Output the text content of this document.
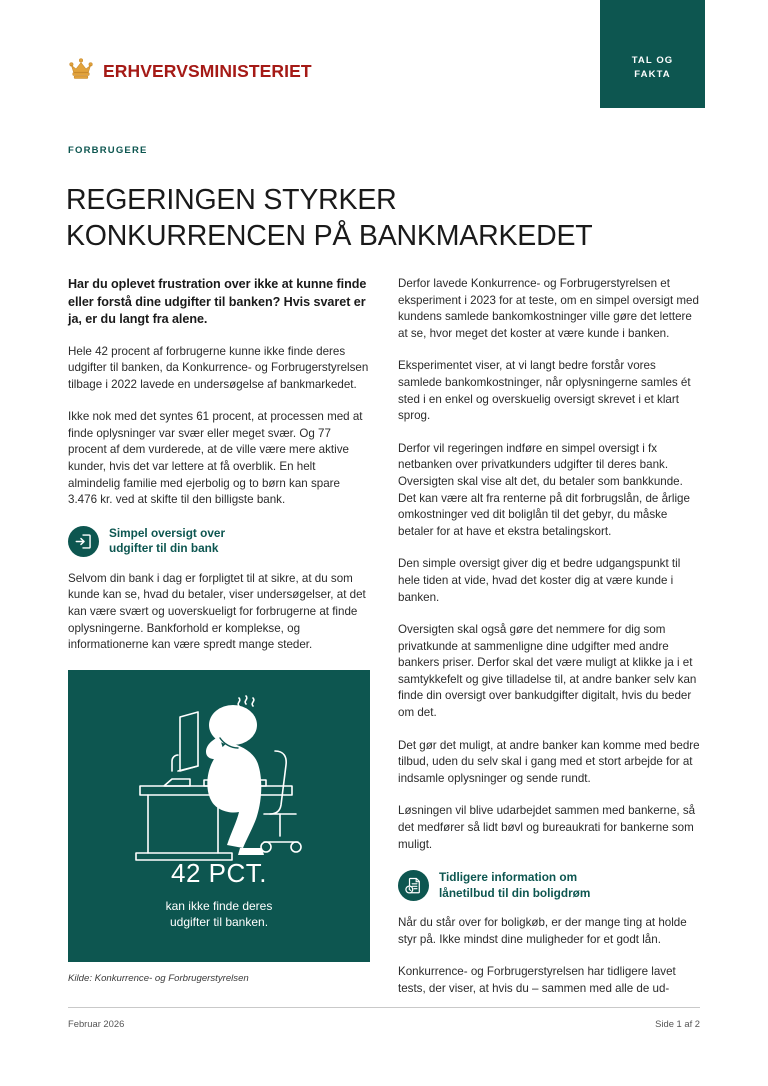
TAL OG
FAKTA
ERHVERVSMINISTERIET
FORBRUGERE
REGERINGEN STYRKER
KONKURRENCEN PÅ BANKMARKEDET

Har du oplevet frustration over ikke at kunne finde eller forstå dine udgifter til banken? Hvis svaret er ja, er du langt fra alene.

Hele 42 procent af forbrugerne kunne ikke finde deres udgifter til banken, da Konkurrence- og Forbrugerstyrelsen tilbage i 2022 lavede en undersøgelse af bankmarkedet.

Ikke nok med det syntes 61 procent, at processen med at finde oplysninger var svær eller meget svær. Og 77 procent af dem vurderede, at de ville være mere aktive kunder, hvis det var lettere at få overblik. En helt almindelig familie med ejerbolig og to børn kan spare 3.476 kr. ved at skifte til den billigste bank.

Simpel oversigt over
udgifter til din bank

Selvom din bank i dag er forpligtet til at sikre, at du som kunde kan se, hvad du betaler, viser undersøgelser, at det kan være svært og uoverskueligt for forbrugerne at finde oplysningerne. Bankforhold er komplekse, og informationerne kan være spredt mange steder.

42 PCT.
kan ikke finde deres
udgifter til banken.
Kilde: Konkurrence- og Forbrugerstyrelsen

Derfor lavede Konkurrence- og Forbrugerstyrelsen et eksperiment i 2023 for at teste, om en simpel oversigt med kundens samlede bankomkostninger ville gøre det lettere at se, hvor meget det koster at være kunde i banken.

Eksperimentet viser, at vi langt bedre forstår vores samlede bankomkostninger, når oplysningerne samles ét sted i en enkel og overskuelig oversigt skrevet i et klart sprog.

Derfor vil regeringen indføre en simpel oversigt i fx netbanken over privatkunders udgifter til deres bank. Oversigten skal vise alt det, du betaler som bankkunde. Det kan være alt fra renterne på dit forbrugslån, de årlige omkostninger ved dit boliglån til det gebyr, du måske betaler for at have et ekstra betalingskort.

Den simple oversigt giver dig et bedre udgangspunkt til hele tiden at vide, hvad det koster dig at være kunde i banken.

Oversigten skal også gøre det nemmere for dig som privatkunde at sammenligne dine udgifter med andre bankers priser. Derfor skal det være muligt at klikke ja i et samtykkefelt og give tilladelse til, at andre banker selv kan finde din oversigt over bankudgifter digitalt, hvis du beder om det.

Det gør det muligt, at andre banker kan komme med bedre tilbud, uden du selv skal i gang med et stort arbejde for at indsamle oplysninger og sende rundt.

Løsningen vil blive udarbejdet sammen med bankerne, så det medfører så lidt bøvl og bureaukrati for bankerne som muligt.

Tidligere information om
lånetilbud til din boligdrøm

Når du står over for boligkøb, er der mange ting at holde styr på. Ikke mindst dine muligheder for et godt lån.

Konkurrence- og Forbrugerstyrelsen har tidligere lavet tests, der viser, at hvis du – sammen med alle de ud-

Februar 2026	Side 1 af 2
